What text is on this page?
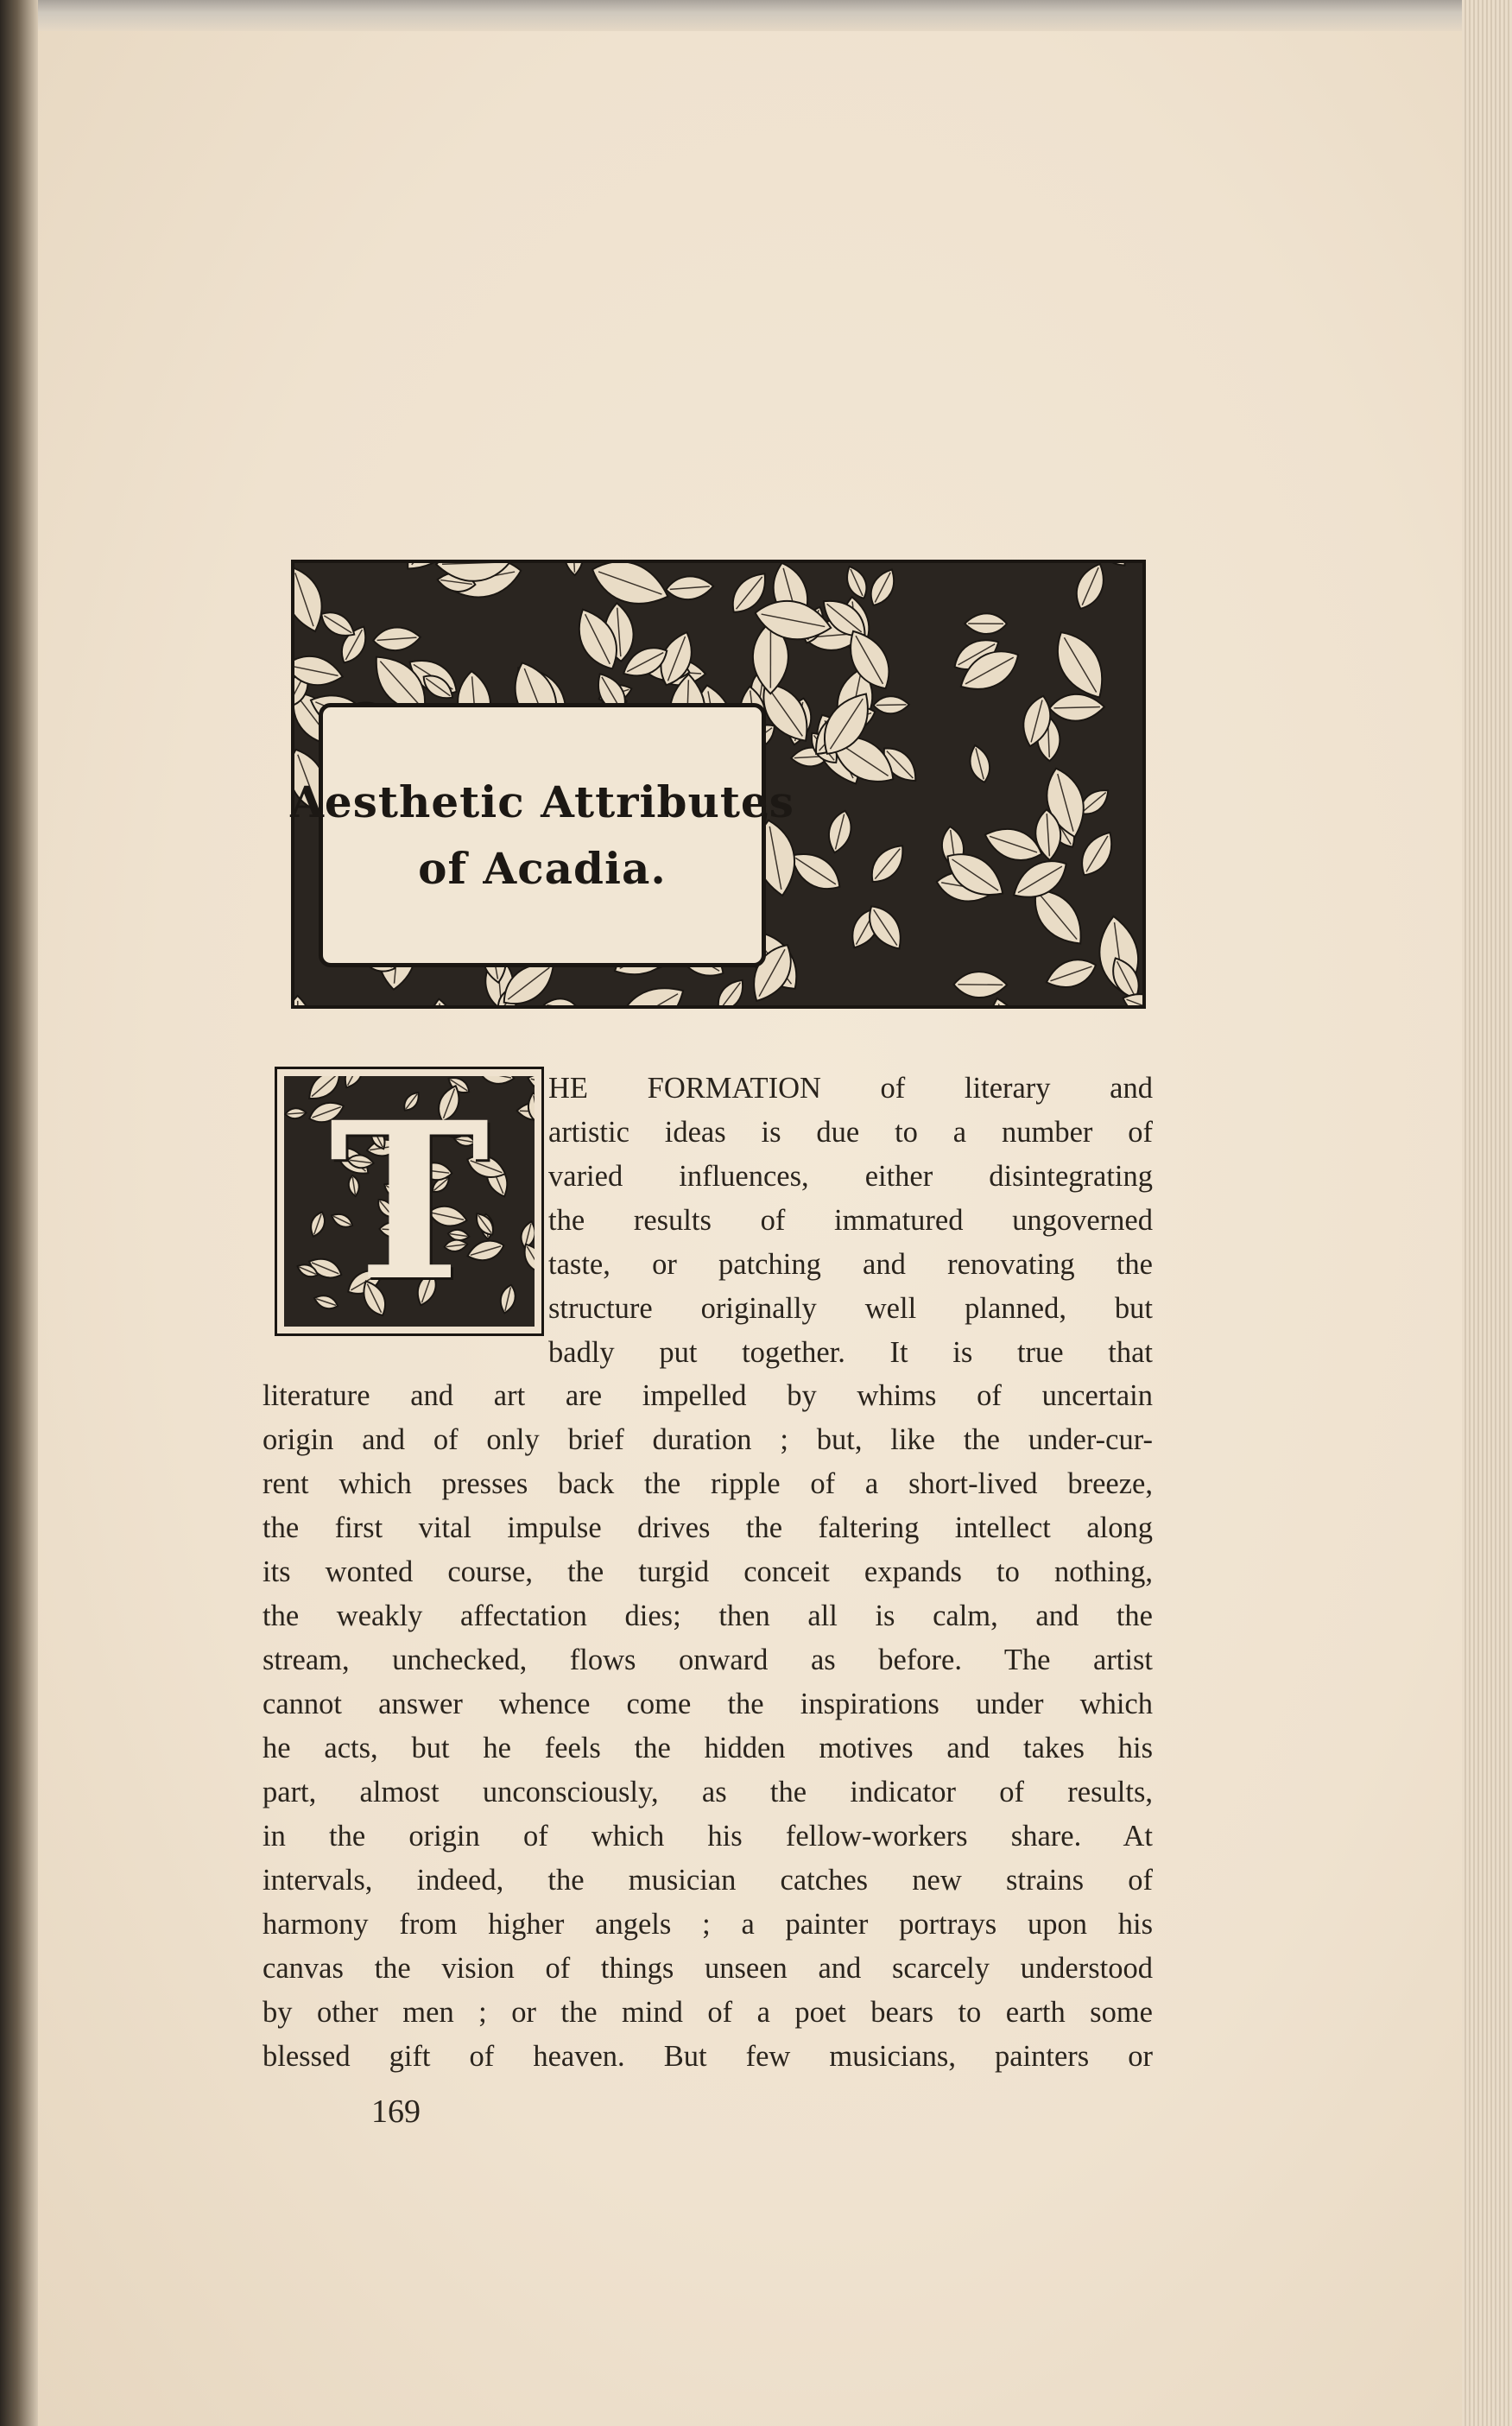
Aesthetic Attributes
of Acadia.
T	HE FORMATION of literary and
artistic ideas is due to a number of
varied influences, either disintegrating
the results of immatured ungoverned
taste, or patching and renovating the
structure originally well planned, but
badly put together. It is true that
literature and art are impelled by whims of uncertain
origin and of only brief duration ; but, like the under-cur-
rent which presses back the ripple of a short-lived breeze,
the first vital impulse drives the faltering intellect along
its wonted course, the turgid conceit expands to nothing,
the weakly affectation dies; then all is calm, and the
stream, unchecked, flows onward as before. The artist
cannot answer whence come the inspirations under which
he acts, but he feels the hidden motives and takes his
part, almost unconsciously, as the indicator of results,
in the origin of which his fellow-workers share. At
intervals, indeed, the musician catches new strains of
harmony from higher angels ; a painter portrays upon his
canvas the vision of things unseen and scarcely understood
by other men ; or the mind of a poet bears to earth some
blessed gift of heaven. But few musicians, painters or
169
